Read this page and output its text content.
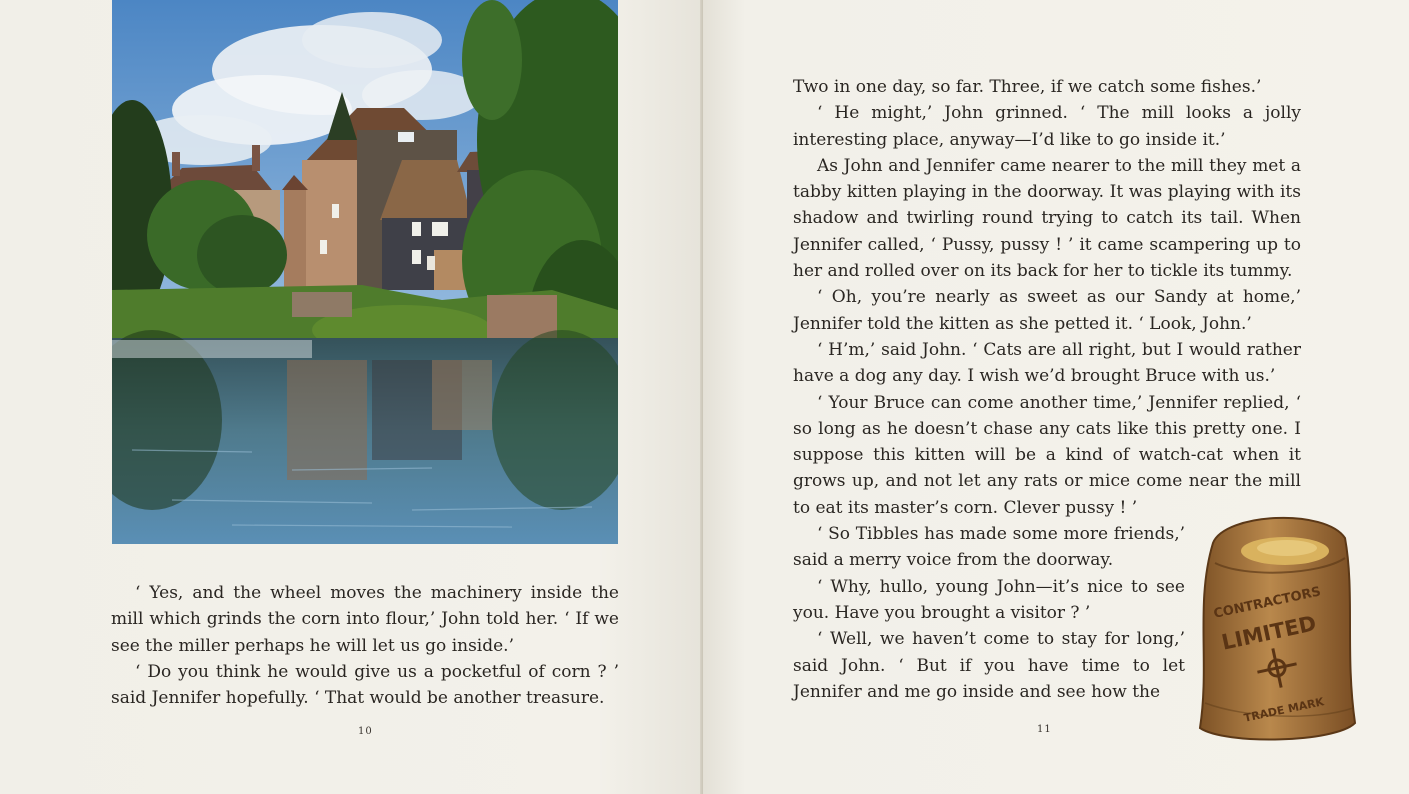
‘ Yes, and the wheel moves the machinery inside the mill which grinds the corn into flour,’ John told her. ‘ If we see the miller perhaps he will let us go inside.’

‘ Do you think he would give us a pocketful of corn ? ’ said Jennifer hopefully. ‘ That would be another treasure.

10

Two in one day, so far. Three, if we catch some fishes.’

‘ He might,’ John grinned. ‘ The mill looks a jolly interesting place, anyway—I’d like to go inside it.’

As John and Jennifer came nearer to the mill they met a tabby kitten playing in the doorway. It was playing with its shadow and twirling round trying to catch its tail. When Jennifer called, ‘ Pussy, pussy ! ’ it came scampering up to her and rolled over on its back for her to tickle its tummy.

‘ Oh, you’re nearly as sweet as our Sandy at home,’ Jennifer told the kitten as she petted it. ‘ Look, John.’

‘ H’m,’ said John. ‘ Cats are all right, but I would rather have a dog any day. I wish we’d brought Bruce with us.’

‘ Your Bruce can come another time,’ Jennifer replied, ‘ so long as he doesn’t chase any cats like this pretty one. I suppose this kitten will be a kind of watch-cat when it grows up, and not let any rats or mice come near the mill to eat its master’s corn. Clever pussy ! ’

‘ So Tibbles has made some more friends,’ said a merry voice from the doorway.

‘ Why, hullo, young John—it’s nice to see you. Have you brought a visitor ? ’

‘ Well, we haven’t come to stay for long,’ said John. ‘ But if you have time to let Jennifer and me go inside and see how the

11
CONTRACTORS
LIMITED
TRADE MARK
